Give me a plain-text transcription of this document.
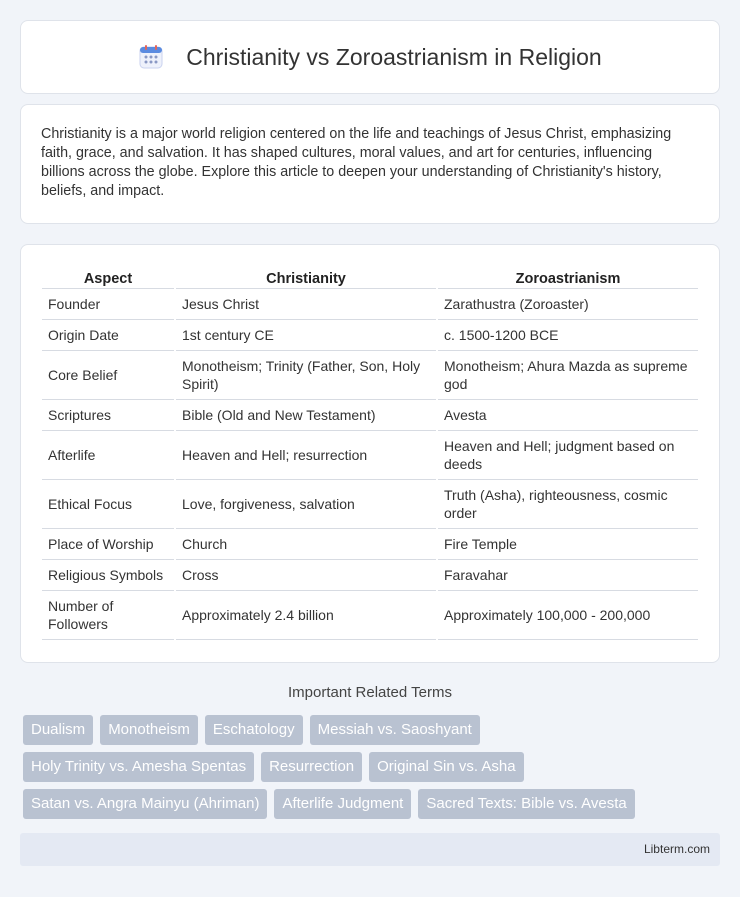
Christianity vs Zoroastrianism in Religion

Christianity is a major world religion centered on the life and teachings of Jesus Christ, emphasizing faith, grace, and salvation. It has shaped cultures, moral values, and art for centuries, influencing billions across the globe. Explore this article to deepen your understanding of Christianity's history, beliefs, and impact.

Aspect	Christianity	Zoroastrianism
Founder	Jesus Christ	Zarathustra (Zoroaster)
Origin Date	1st century CE	c. 1500-1200 BCE
Core Belief	Monotheism; Trinity (Father, Son, Holy Spirit)	Monotheism; Ahura Mazda as supreme god
Scriptures	Bible (Old and New Testament)	Avesta
Afterlife	Heaven and Hell; resurrection	Heaven and Hell; judgment based on deeds
Ethical Focus	Love, forgiveness, salvation	Truth (Asha), righteousness, cosmic order
Place of Worship	Church	Fire Temple
Religious Symbols	Cross	Faravahar
Number of Followers	Approximately 2.4 billion	Approximately 100,000 - 200,000
Important Related Terms
Dualism	Monotheism	Eschatology	Messiah vs. Saoshyant
Holy Trinity vs. Amesha Spentas	Resurrection	Original Sin vs. Asha
Satan vs. Angra Mainyu (Ahriman)	Afterlife Judgment	Sacred Texts: Bible vs. Avesta
Libterm.com
